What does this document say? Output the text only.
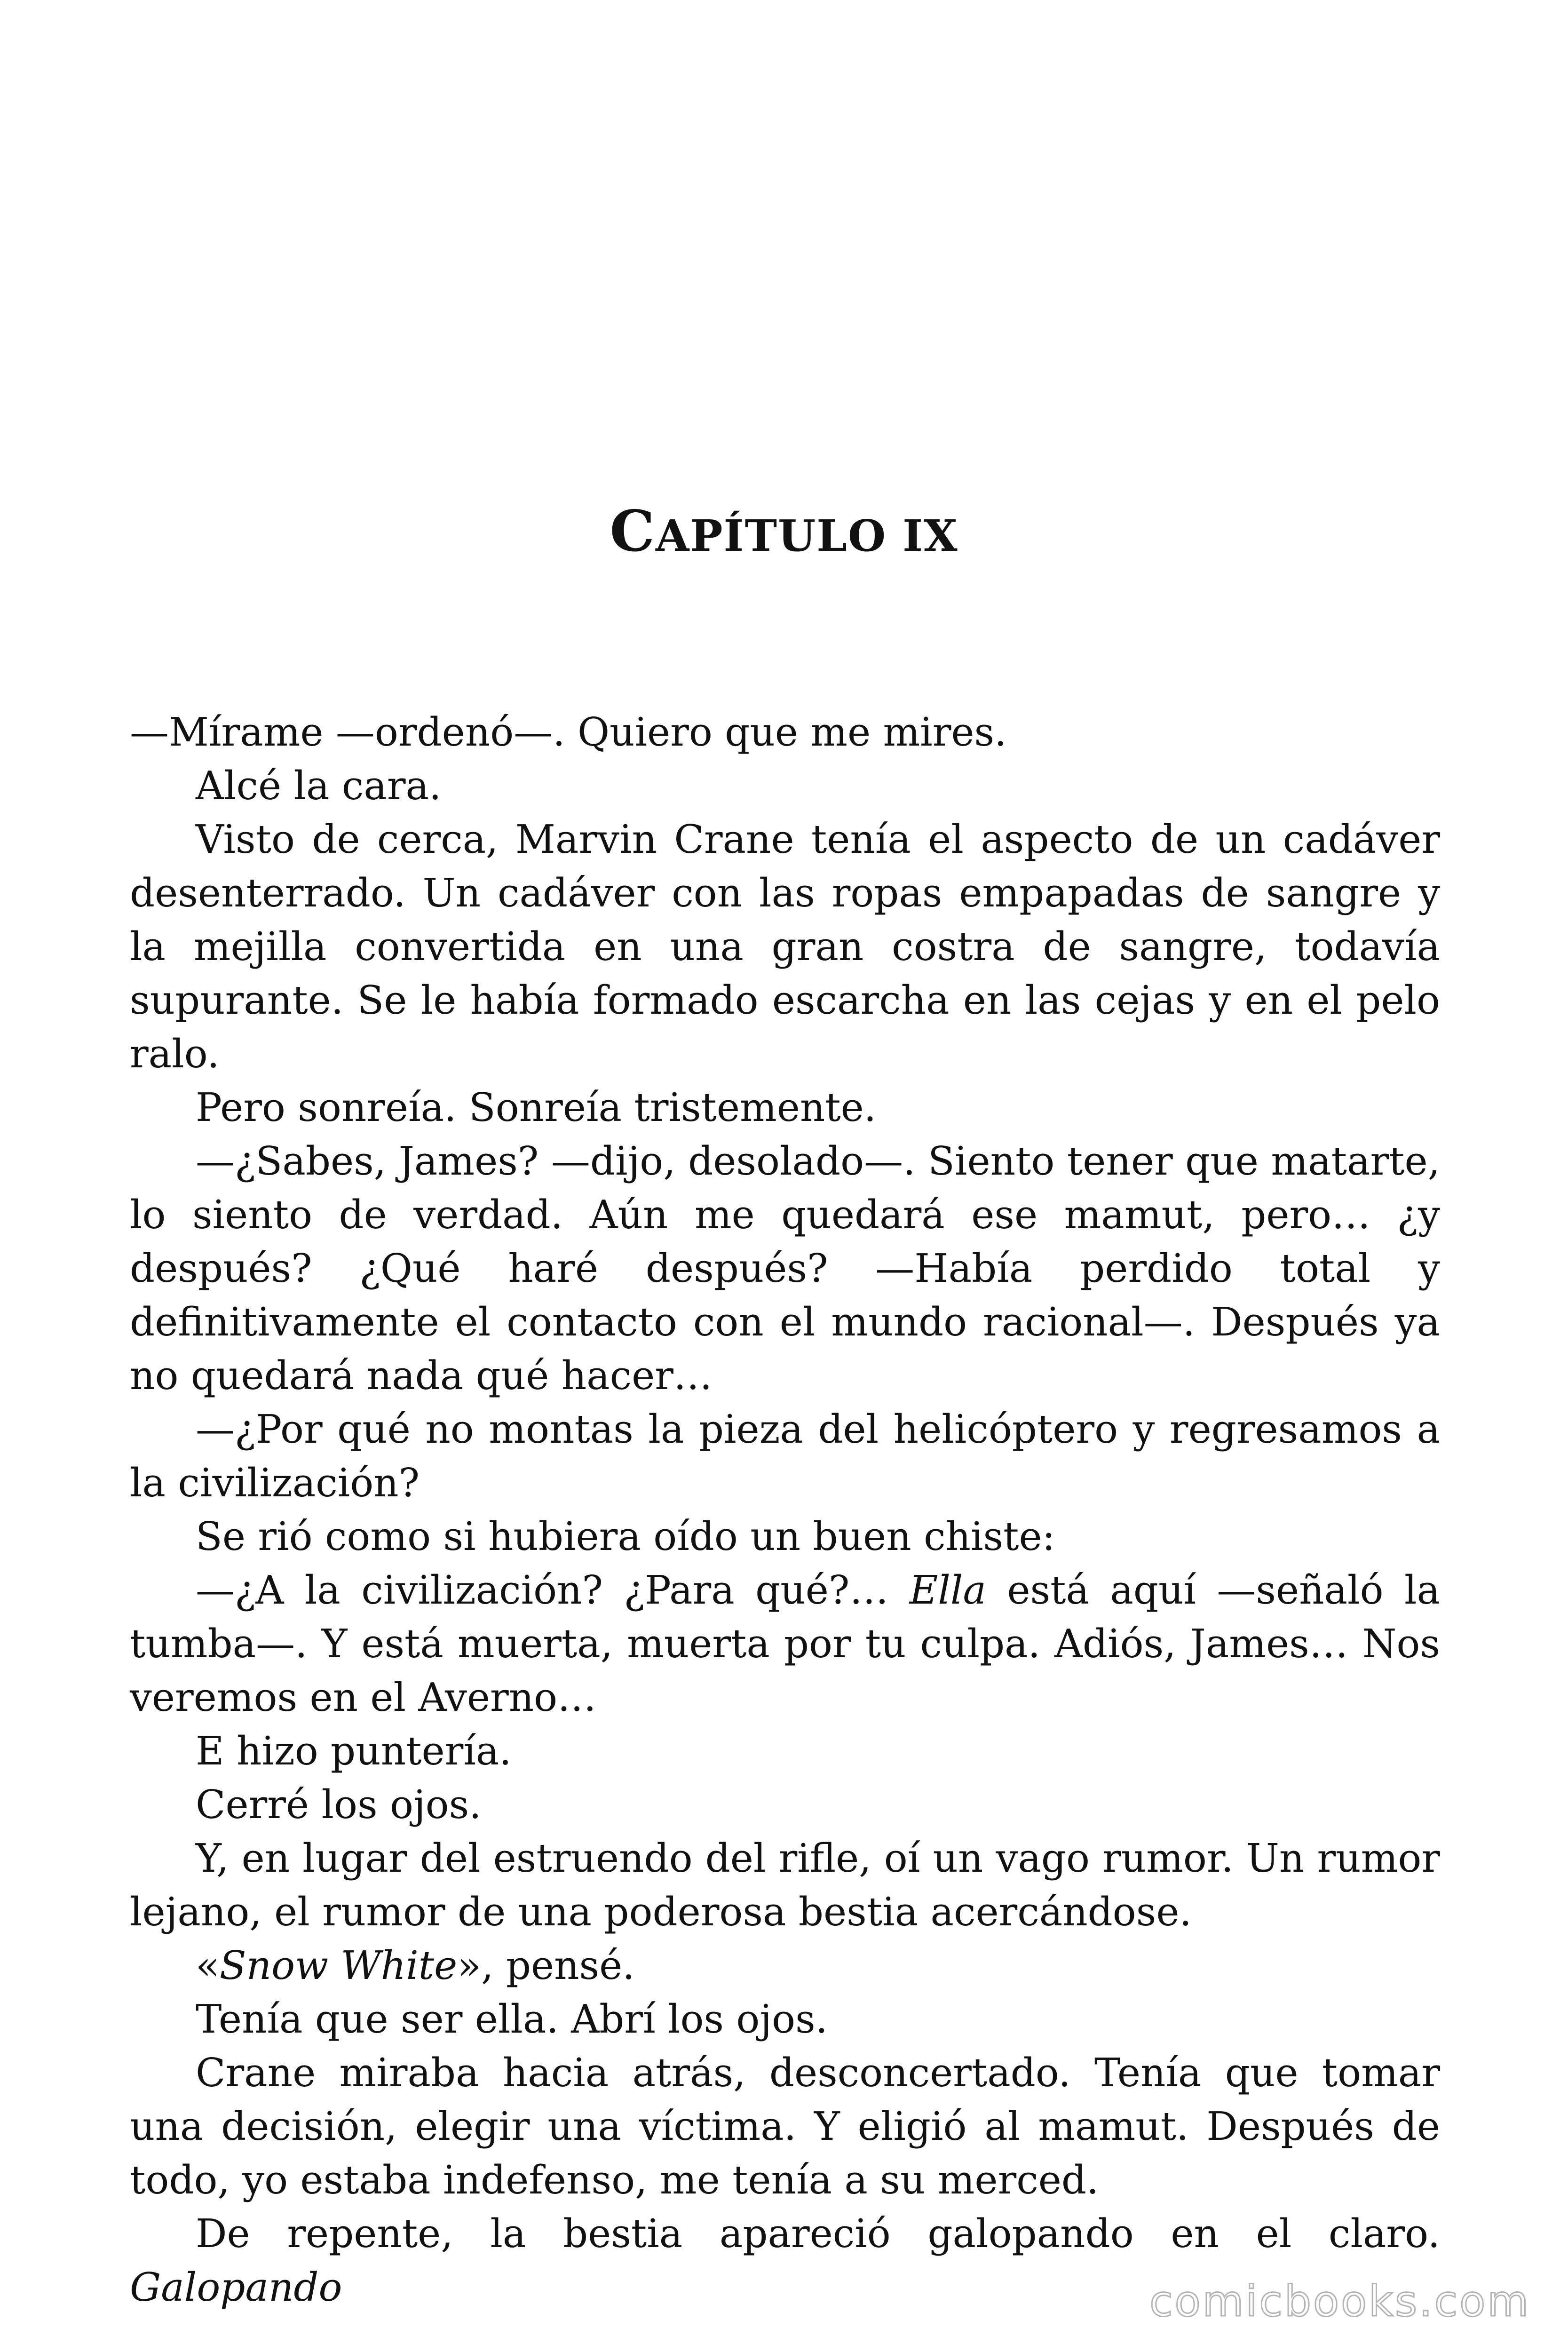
CAPÍTULO IX

—Mírame —ordenó—. Quiero que me mires.

Alcé la cara.

Visto de cerca, Marvin Crane tenía el aspecto de un cadáver desenterrado. Un cadáver con las ropas empapadas de sangre y la mejilla convertida en una gran costra de sangre, todavía supurante. Se le había formado escarcha en las cejas y en el pelo ralo.

Pero sonreía. Sonreía tristemente.

—¿Sabes, James? —dijo, desolado—. Siento tener que matarte, lo siento de verdad. Aún me quedará ese mamut, pero… ¿y después? ¿Qué haré después? —Había perdido total y definitivamente el contacto con el mundo racional—. Después ya no quedará nada qué hacer…

—¿Por qué no montas la pieza del helicóptero y regresamos a la civilización?

Se rió como si hubiera oído un buen chiste:

—¿A la civilización? ¿Para qué?… Ella está aquí —señaló la tumba—. Y está muerta, muerta por tu culpa. Adiós, James… Nos veremos en el Averno…

E hizo puntería.

Cerré los ojos.

Y, en lugar del estruendo del rifle, oí un vago rumor. Un rumor lejano, el rumor de una poderosa bestia acercándose.

«Snow White», pensé.

Tenía que ser ella. Abrí los ojos.

Crane miraba hacia atrás, desconcertado. Tenía que tomar una decisión, elegir una víctima. Y eligió al mamut. Después de todo, yo estaba indefenso, me tenía a su merced.

De repente, la bestia apareció galopando en el claro. Galopando	comicbooks.com
